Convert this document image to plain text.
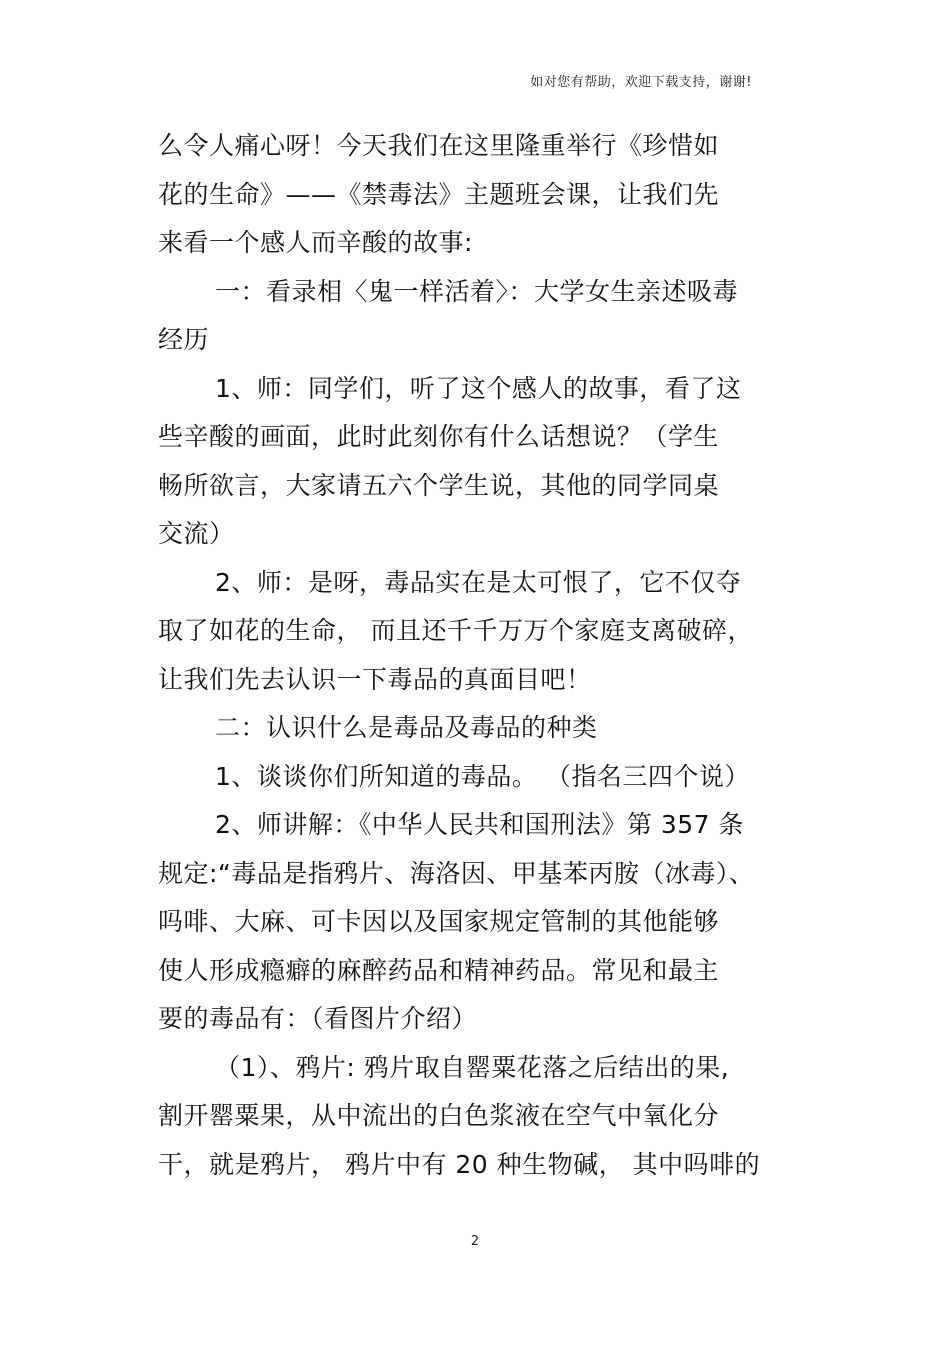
如对您有帮助，欢迎下载支持，谢谢!
么令人痛心呀！今天我们在这里隆重举行《珍惜如
花的生命》——《禁毒法》主题班会课，让我们先
来看一个感人而辛酸的故事:
一：看录相〈鬼一样活着〉：大学女生亲述吸毒
经历
1、师：同学们，听了这个感人的故事，看了这
些辛酸的画面，此时此刻你有什么话想说？（学生
畅所欲言，大家请五六个学生说，其他的同学同桌
交流）
2、师：是呀，毒品实在是太可恨了，它不仅夺
取了如花的生命， 而且还千千万万个家庭支离破碎，
让我们先去认识一下毒品的真面目吧！
二：认识什么是毒品及毒品的种类
1、谈谈你们所知道的毒品。 （指名三四个说）
2、师讲解：《中华人民共和国刑法》第 357 条
规定:“毒品是指鸦片、海洛因、甲基苯丙胺（冰毒）、
吗啡、大麻、可卡因以及国家规定管制的其他能够
使人形成瘾癖的麻醉药品和精神药品。常见和最主
要的毒品有：（看图片介绍）
（1）、鸦片: 鸦片取自罂粟花落之后结出的果,
割开罂粟果，从中流出的白色浆液在空气中氧化分
干，就是鸦片， 鸦片中有 20 种生物碱， 其中吗啡的
2
